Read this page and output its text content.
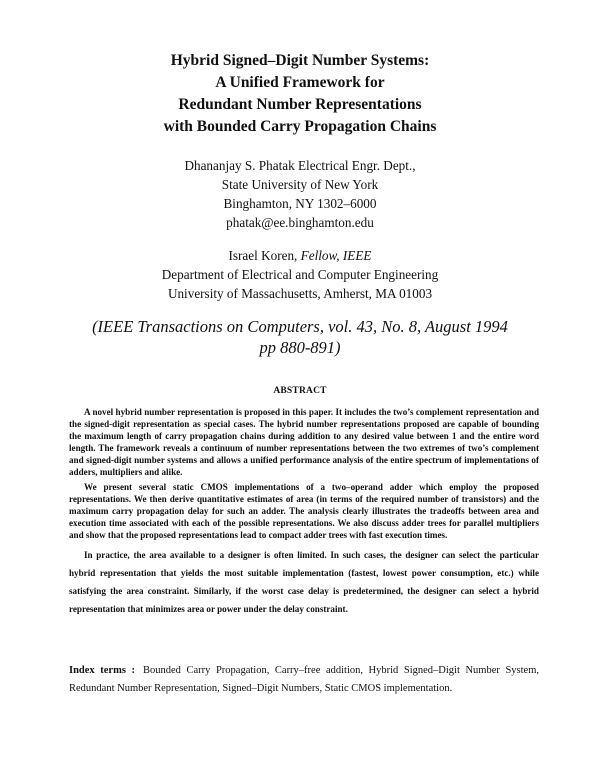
Hybrid Signed–Digit Number Systems:
A Unified Framework for
Redundant Number Representations
with Bounded Carry Propagation Chains
Dhananjay S. Phatak Electrical Engr. Dept.,
State University of New York
Binghamton, NY 1302–6000
phatak@ee.binghamton.edu
Israel Koren, Fellow, IEEE
Department of Electrical and Computer Engineering
University of Massachusetts, Amherst, MA 01003
(IEEE Transactions on Computers, vol. 43, No. 8, August 1994
pp 880-891)
ABSTRACT

A novel hybrid number representation is proposed in this paper. It includes the two’s complement representation and the signed-digit representation as special cases. The hybrid number representations proposed are capable of bounding the maximum length of carry propagation chains during addition to any desired value between 1 and the entire word length. The framework reveals a continuum of number representations between the two extremes of two’s complement and signed-digit number systems and allows a unified performance analysis of the entire spectrum of implementations of adders, multipliers and alike.

We present several static CMOS implementations of a two–operand adder which employ the proposed representations. We then derive quantitative estimates of area (in terms of the required number of transistors) and the maximum carry propagation delay for such an adder. The analysis clearly illustrates the tradeoffs between area and execution time associated with each of the possible representations. We also discuss adder trees for parallel multipliers and show that the proposed representations lead to compact adder trees with fast execution times.

In practice, the area available to a designer is often limited. In such cases, the designer can select the particular hybrid representation that yields the most suitable implementation (fastest, lowest power consumption, etc.) while satisfying the area constraint. Similarly, if the worst case delay is predetermined, the designer can select a hybrid representation that minimizes area or power under the delay constraint.

Index terms : Bounded Carry Propagation, Carry–free addition, Hybrid Signed–Digit Number System, Redundant Number Representation, Signed–Digit Numbers, Static CMOS implementation.
